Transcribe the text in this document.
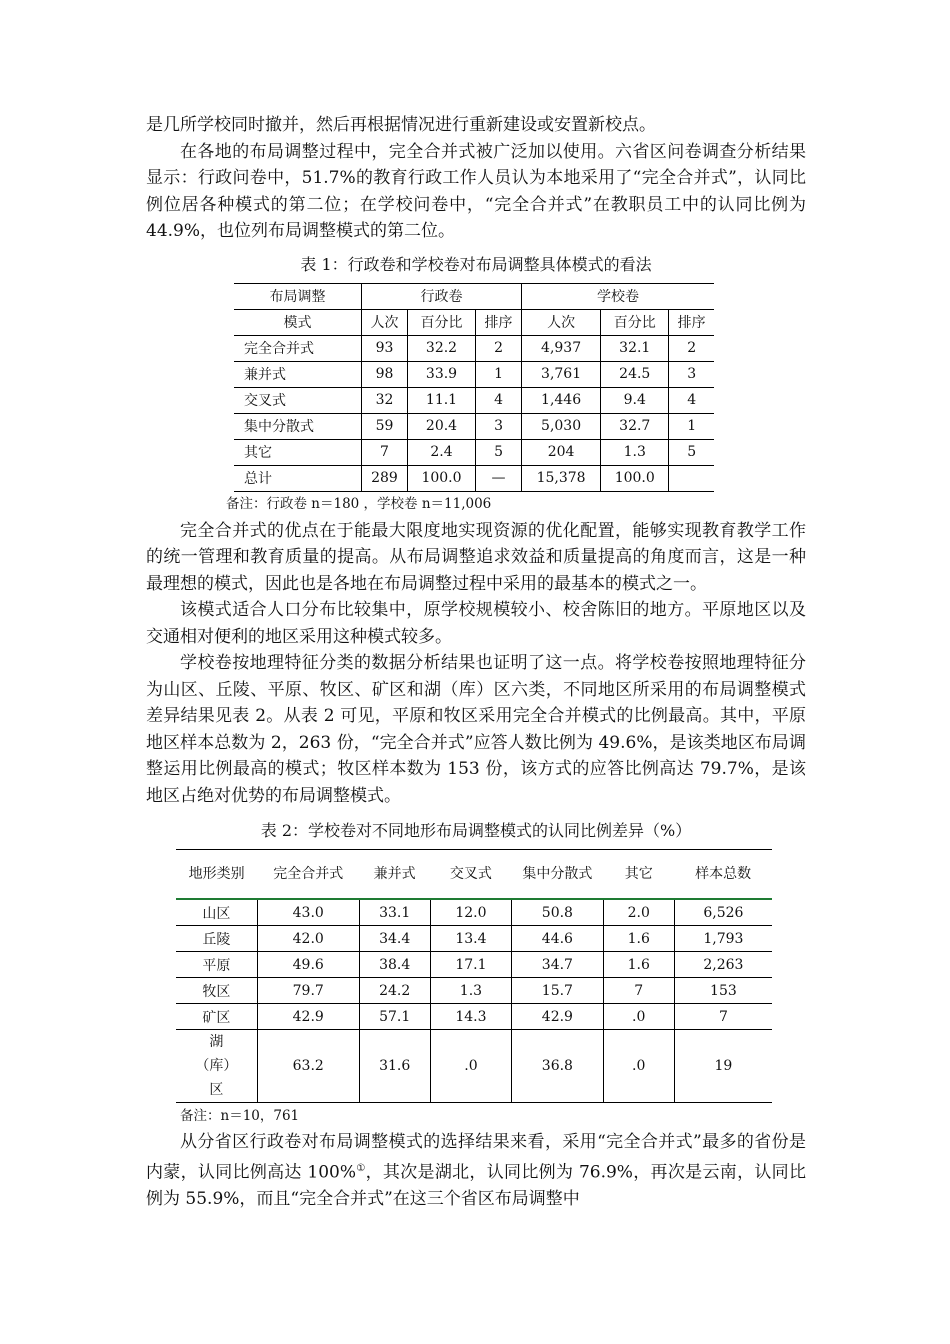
是几所学校同时撤并，然后再根据情况进行重新建设或安置新校点。

在各地的布局调整过程中，完全合并式被广泛加以使用。六省区问卷调查分析结果显示：行政问卷中，51.7%的教育行政工作人员认为本地采用了“完全合并式”，认同比例位居各种模式的第二位；在学校问卷中，“完全合并式”在教职员工中的认同比例为44.9%，也位列布局调整模式的第二位。

表 1：行政卷和学校卷对布局调整具体模式的看法
布局调整	行政卷			学校卷		
模式	人次	百分比	排序	人次	百分比	排序
完全合并式	93	32.2	2	4,937	32.1	2
兼并式	98	33.9	1	3,761	24.5	3
交叉式	32	11.1	4	1,446	9.4	4
集中分散式	59	20.4	3	5,030	32.7	1
其它	7	2.4	5	204	1.3	5
总计	289	100.0	—	15,378	100.0	
备注：行政卷 n＝180 ，学校卷 n＝11,006

完全合并式的优点在于能最大限度地实现资源的优化配置，能够实现教育教学工作的统一管理和教育质量的提高。从布局调整追求效益和质量提高的角度而言，这是一种最理想的模式，因此也是各地在布局调整过程中采用的最基本的模式之一。

该模式适合人口分布比较集中，原学校规模较小、校舍陈旧的地方。平原地区以及交通相对便利的地区采用这种模式较多。

学校卷按地理特征分类的数据分析结果也证明了这一点。将学校卷按照地理特征分为山区、丘陵、平原、牧区、矿区和湖（库）区六类，不同地区所采用的布局调整模式差异结果见表 2。从表 2 可见，平原和牧区采用完全合并模式的比例最高。其中，平原地区样本总数为 2，263 份，“完全合并式”应答人数比例为 49.6%，是该类地区布局调整运用比例最高的模式；牧区样本数为 153 份，该方式的应答比例高达 79.7%，是该地区占绝对优势的布局调整模式。

表 2：学校卷对不同地形布局调整模式的认同比例差异（%）
地形类别	完全合并式	兼并式	交叉式	集中分散式	其它	样本总数
山区	43.0	33.1	12.0	50.8	2.0	6,526
丘陵	42.0	34.4	13.4	44.6	1.6	1,793
平原	49.6	38.4	17.1	34.7	1.6	2,263
牧区	79.7	24.2	1.3	15.7	7	153
矿区	42.9	57.1	14.3	42.9	.0	7

湖（库）区	63.2	31.6	.0	36.8	.0	19
备注：n＝10，761

从分省区行政卷对布局调整模式的选择结果来看，采用“完全合并式”最多的省份是内蒙，认同比例高达 100%①，其次是湖北，认同比例为 76.9%，再次是云南，认同比例为 55.9%，而且“完全合并式”在这三个省区布局调整中
